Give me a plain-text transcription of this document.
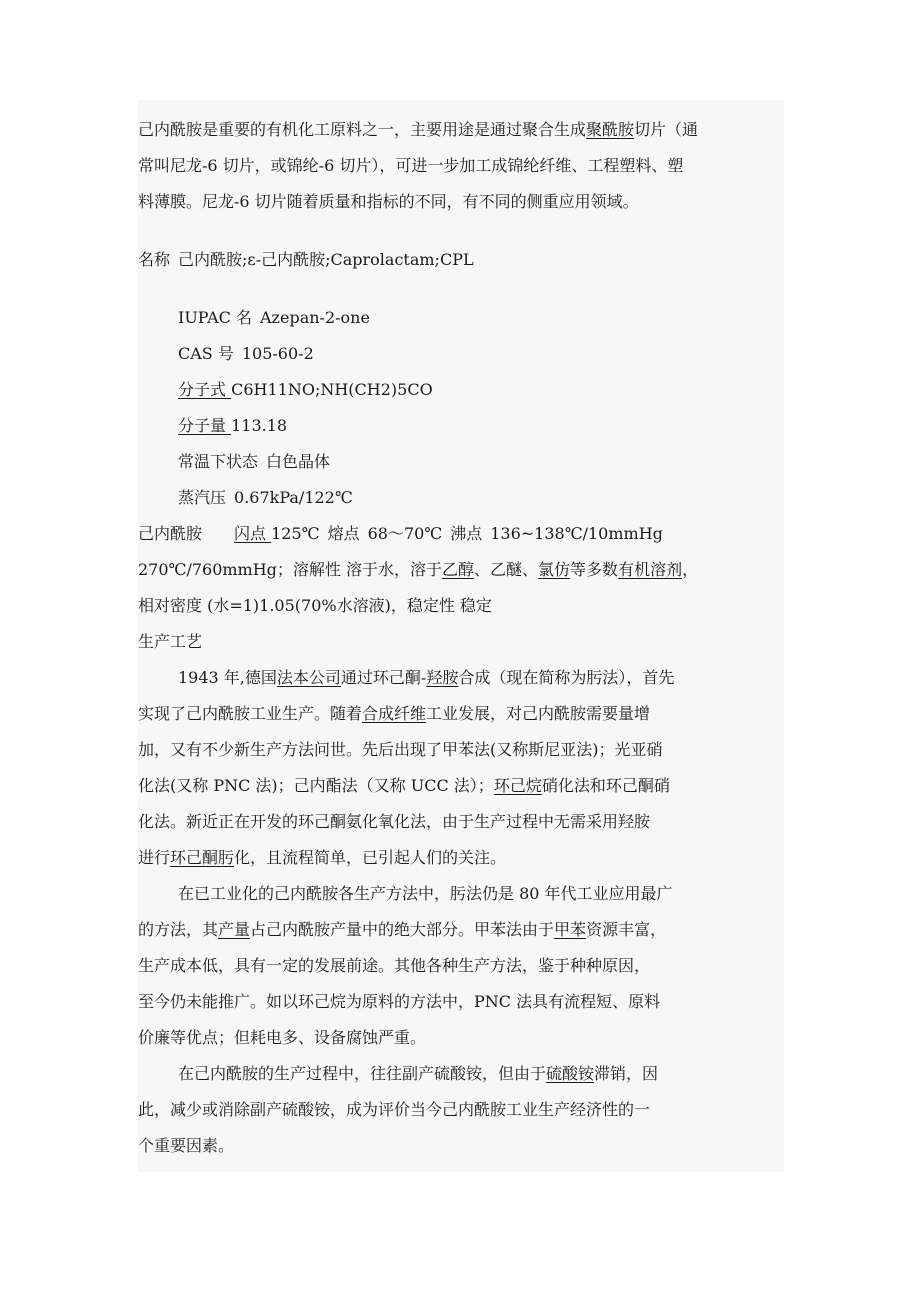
己内酰胺是重要的有机化工原料之一，主要用途是通过聚合生成聚酰胺切片（通
常叫尼龙-6 切片，或锦纶-6 切片），可进一步加工成锦纶纤维、工程塑料、塑
料薄膜。尼龙-6 切片随着质量和指标的不同，有不同的侧重应用领域。
名称 己内酰胺;ε-己内酰胺;Caprolactam;CPL
IUPAC 名 Azepan-2-one
CAS 号 105-60-2
分子式 C6H11NO;NH(CH2)5CO
分子量 113.18
常温下状态 白色晶体
蒸汽压 0.67kPa/122℃
己内酰胺 闪点 125℃ 熔点 68～70℃ 沸点 136~138℃/10mmHg
270℃/760mmHg；溶解性 溶于水，溶于乙醇、乙醚、氯仿等多数有机溶剂，
相对密度 (水=1)1.05(70%水溶液)，稳定性 稳定
生产工艺
1943 年,德国法本公司通过环己酮-羟胺合成（现在简称为肟法），首先
实现了己内酰胺工业生产。随着合成纤维工业发展，对己内酰胺需要量增
加，又有不少新生产方法问世。先后出现了甲苯法(又称斯尼亚法)；光亚硝
化法(又称 PNC 法)；己内酯法（又称 UCC 法）；环己烷硝化法和环己酮硝
化法。新近正在开发的环己酮氨化氧化法，由于生产过程中无需采用羟胺
进行环己酮肟化，且流程简单，已引起人们的关注。
在已工业化的己内酰胺各生产方法中，肟法仍是 80 年代工业应用最广
的方法，其产量占己内酰胺产量中的绝大部分。甲苯法由于甲苯资源丰富，
生产成本低，具有一定的发展前途。其他各种生产方法，鉴于种种原因，
至今仍未能推广。如以环己烷为原料的方法中，PNC 法具有流程短、原料
价廉等优点；但耗电多、设备腐蚀严重。
在己内酰胺的生产过程中，往往副产硫酸铵，但由于硫酸铵滞销，因
此，减少或消除副产硫酸铵，成为评价当今己内酰胺工业生产经济性的一
个重要因素。
